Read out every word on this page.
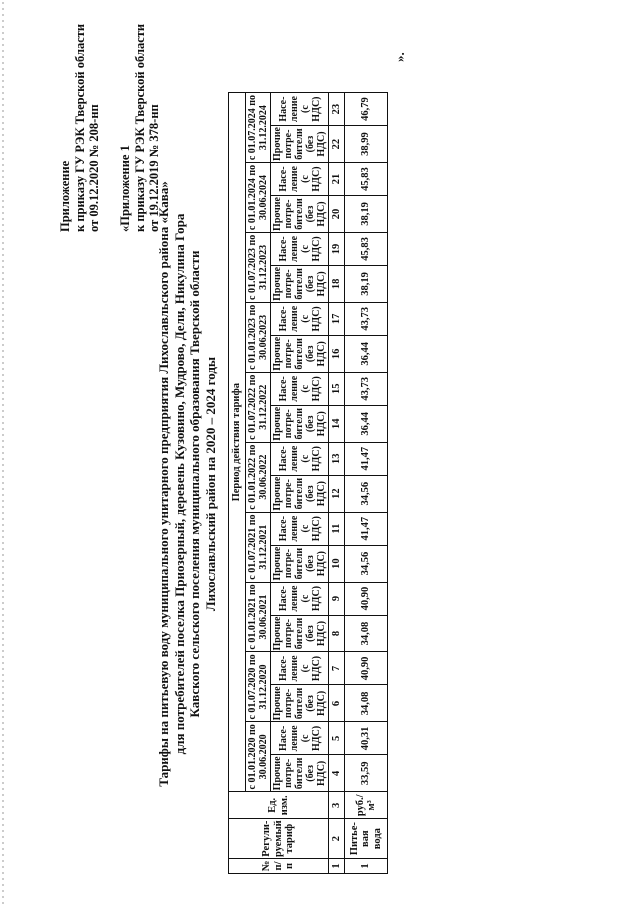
Приложение к приказу ГУ РЭК Тверской области от 09.12.2020 № 208-нп «Приложение 1 к приказу ГУ РЭК Тверской области от 19.12.2019 № 378-нп
Тарифы на питьевую воду муниципального унитарного предприятия Лихославльского района «Кава» для потребителей поселка Приозерный, деревень Кузовино, Мудрово, Дели, Никулина Гора Кавского сельского поселения муниципального образования Тверской области Лихославльский район на 2020 – 2024 годы
№ п/п	Регули-руемый тариф	Ед. изм.	Период действия тарифа																			
			с 01.01.2020 по 30.06.2020		с 01.07.2020 по 31.12.2020		с 01.01.2021 по 30.06.2021		с 01.07.2021 по 31.12.2021		с 01.01.2022 по 30.06.2022		с 01.07.2022 по 31.12.2022		с 01.01.2023 по 30.06.2023		с 01.07.2023 по 31.12.2023		с 01.01.2024 по 30.06.2024		с 01.07.2024 по 31.12.2024	
			Прочие потре-бители (без НДС)	Насе-ление (с НДС)	Прочие потре-бители (без НДС)	Насе-ление (с НДС)	Прочие потре-бители (без НДС)	Насе-ление (с НДС)	Прочие потре-бители (без НДС)	Насе-ление (с НДС)	Прочие потре-бители (без НДС)	Насе-ление (с НДС)	Прочие потре-бители (без НДС)	Насе-ление (с НДС)	Прочие потре-бители (без НДС)	Насе-ление (с НДС)	Прочие потре-бители (без НДС)	Насе-ление (с НДС)	Прочие потре-бители (без НДС)	Насе-ление (с НДС)	Прочие потре-бители (без НДС)	Насе-ление (с НДС)
1	2	3	4	5	6	7	8	9	10	11	12	13	14	15	16	17	18	19	20	21	22	23
1	Питье-вая вода	руб./м³	33,59	40,31	34,08	40,90	34,08	40,90	34,56	41,47	34,56	41,47	36,44	43,73	36,44	43,73	38,19	45,83	38,19	45,83	38,99	46,79
».
